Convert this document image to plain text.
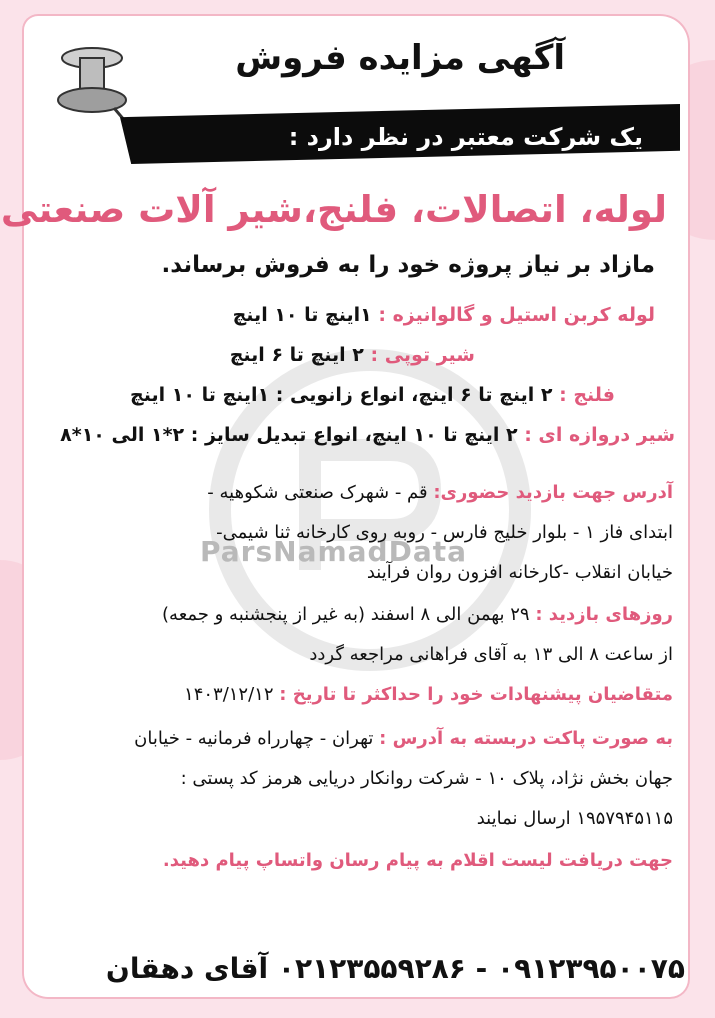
ParsNamadData
آگهی مزایده فروش
یک شرکت معتبر در نظر دارد :
لوله، اتصالات، فلنج،شیر آلات صنعتی
مازاد بر نیاز پروژه خود را به فروش برساند.
لوله کربن استیل و گالوانیزه : ۱اینچ تا ۱۰ اینچ
شیر توپی : ۲ اینچ تا ۶ اینچ
فلنج : ۲ اینچ تا ۶ اینچ، انواع زانویی : ۱اینچ تا ۱۰ اینچ
شیر دروازه ای : ۲ اینچ تا ۱۰ اینچ، انواع تبدیل سایز : ۲*۱ الی ۱۰*۸
آدرس جهت بازدید حضوری: قم - شهرک صنعتی شکوهیه -
ابتدای فاز ۱ - بلوار خلیج فارس - روبه روی کارخانه ثنا شیمی-
خیابان انقلاب -کارخانه افزون روان فرآیند
روزهای بازدید : ۲۹ بهمن الی ۸ اسفند (به غیر از پنجشنبه و جمعه)
از ساعت ۸ الی ۱۳ به آقای فراهانی مراجعه گردد
متقاضیان پیشنهادات خود را حداکثر تا تاریخ : ۱۴۰۳/۱۲/۱۲
به صورت پاکت دربسته به آدرس : تهران - چهارراه فرمانیه - خیابان
جهان بخش نژاد، پلاک ۱۰ - شرکت روانکار دریایی هرمز کد پستی :
۱۹۵۷۹۴۵۱۱۵ ارسال نمایند
جهت دریافت لیست اقلام به پیام رسان واتساپ پیام دهید.
۰۹۱۲۳۹۵۰۰۷۵ - ۰۲۱۲۳۵۵۹۲۸۶ آقای دهقان
